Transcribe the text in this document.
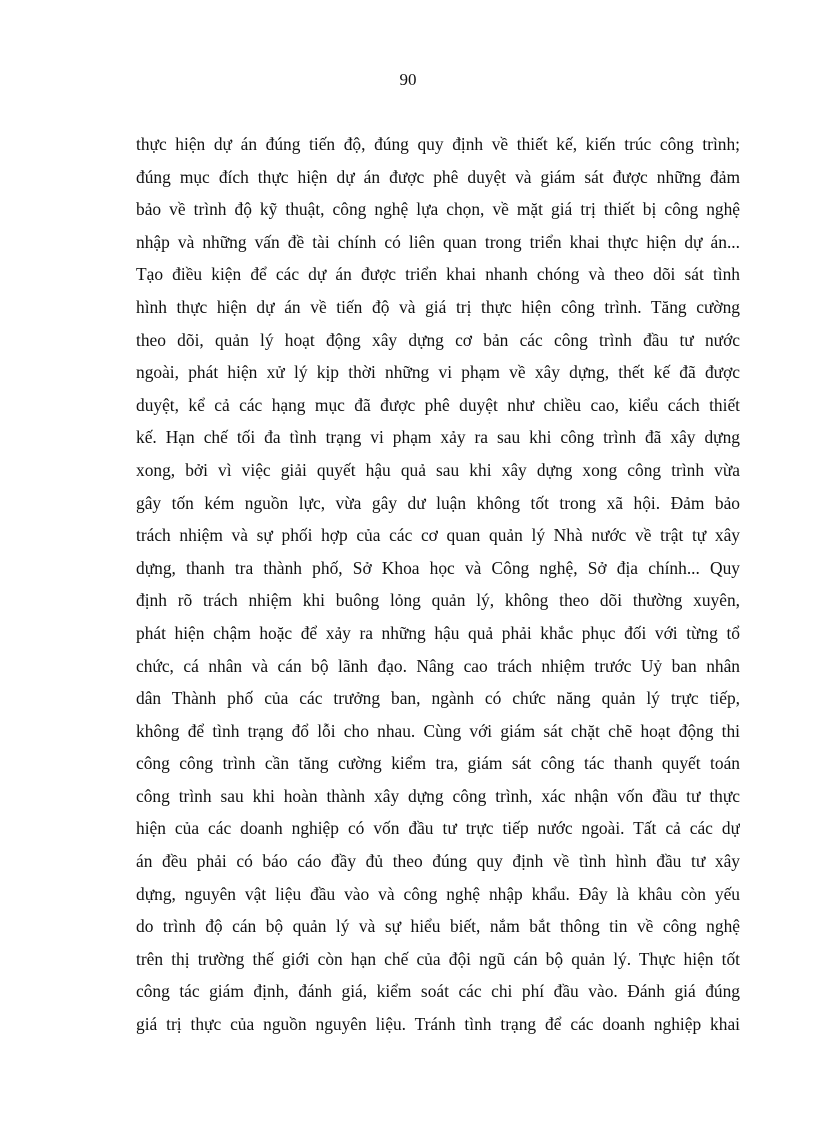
90
thực hiện dự án đúng tiến độ, đúng quy định về thiết kế, kiến trúc công trình;
đúng mục đích thực hiện dự án được phê duyệt và giám sát được những đảm
bảo về trình độ kỹ thuật, công nghệ lựa chọn, về mặt giá trị thiết bị công nghệ
nhập và những vấn đề tài chính có liên quan trong triển khai thực hiện dự án...
Tạo điều kiện để các dự án được triển khai nhanh chóng và theo dõi sát tình
hình thực hiện dự án về tiến độ và giá trị thực hiện công trình. Tăng cường
theo dõi, quản lý hoạt động xây dựng cơ bản các công trình đầu tư nước
ngoài, phát hiện xử lý kịp thời những vi phạm về xây dựng, thết kế đã được
duyệt, kể cả các hạng mục đã được phê duyệt như chiều cao, kiểu cách thiết
kế. Hạn chế tối đa tình trạng vi phạm xảy ra sau khi công trình đã xây dựng
xong, bởi vì việc giải quyết hậu quả sau khi xây dựng xong công trình vừa
gây tốn kém nguồn lực, vừa gây dư luận không tốt trong xã hội. Đảm bảo
trách nhiệm và sự phối hợp của các cơ quan quản lý Nhà nước về trật tự xây
dựng, thanh tra thành phố, Sở Khoa học và Công nghệ, Sở địa chính... Quy
định rõ trách nhiệm khi buông lỏng quản lý, không theo dõi thường xuyên,
phát hiện chậm hoặc để xảy ra những hậu quả phải khắc phục đối với từng tổ
chức, cá nhân và cán bộ lãnh đạo. Nâng cao trách nhiệm trước Uỷ ban nhân
dân Thành phố của các trưởng ban, ngành có chức năng quản lý trực tiếp,
không để tình trạng đổ lỗi cho nhau. Cùng với giám sát chặt chẽ hoạt động thi
công công trình cần tăng cường kiểm tra, giám sát công tác thanh quyết toán
công trình sau khi hoàn thành xây dựng công trình, xác nhận vốn đầu tư thực
hiện của các doanh nghiệp có vốn đầu tư trực tiếp nước ngoài. Tất cả các dự
án đều phải có báo cáo đầy đủ theo đúng quy định về tình hình đầu tư xây
dựng, nguyên vật liệu đầu vào và công nghệ nhập khẩu. Đây là khâu còn yếu
do trình độ cán bộ quản lý và sự hiểu biết, nắm bắt thông tin về công nghệ
trên thị trường thế giới còn hạn chế của đội ngũ cán bộ quản lý. Thực hiện tốt
công tác giám định, đánh giá, kiểm soát các chi phí đầu vào. Đánh giá đúng
giá trị thực của nguồn nguyên liệu. Tránh tình trạng để các doanh nghiệp khai
